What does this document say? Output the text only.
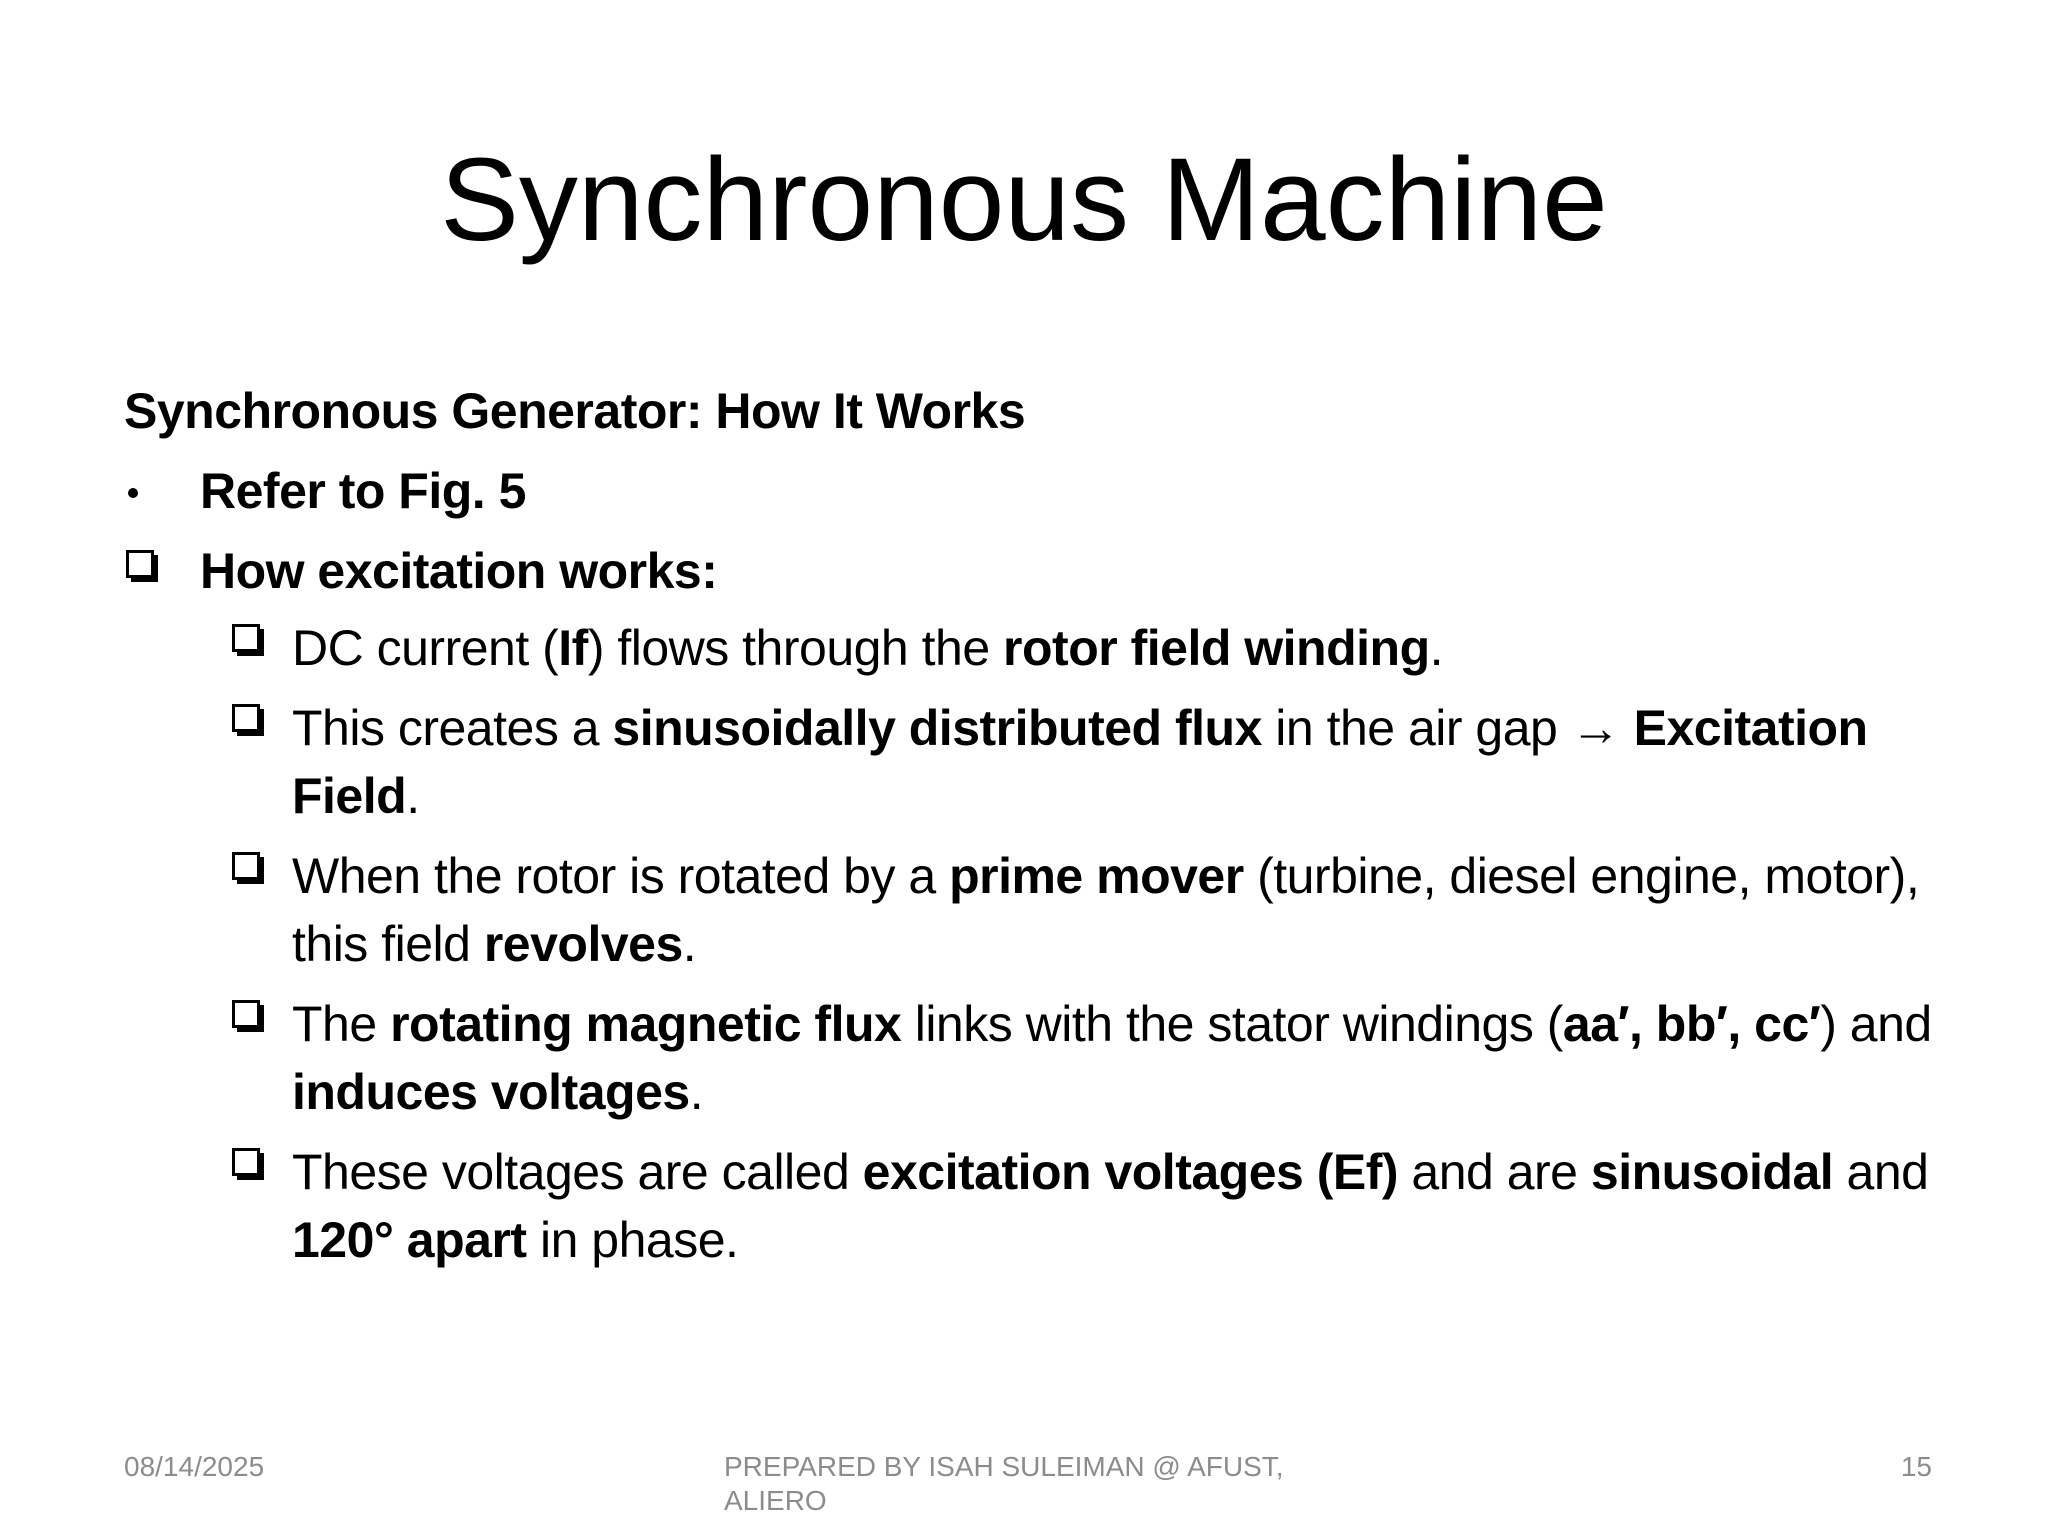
Synchronous Machine
Synchronous Generator: How It Works
Refer to Fig. 5
How excitation works:
DC current (If) flows through the rotor field winding.
This creates a sinusoidally distributed flux in the air gap → Excitation Field.
When the rotor is rotated by a prime mover (turbine, diesel engine, motor), this field revolves.
The rotating magnetic flux links with the stator windings (aa′, bb′, cc′) and induces voltages.
These voltages are called excitation voltages (Ef) and are sinusoidal and 120° apart in phase.
08/14/2025	PREPARED BY ISAH SULEIMAN @ AFUST, ALIERO
15
